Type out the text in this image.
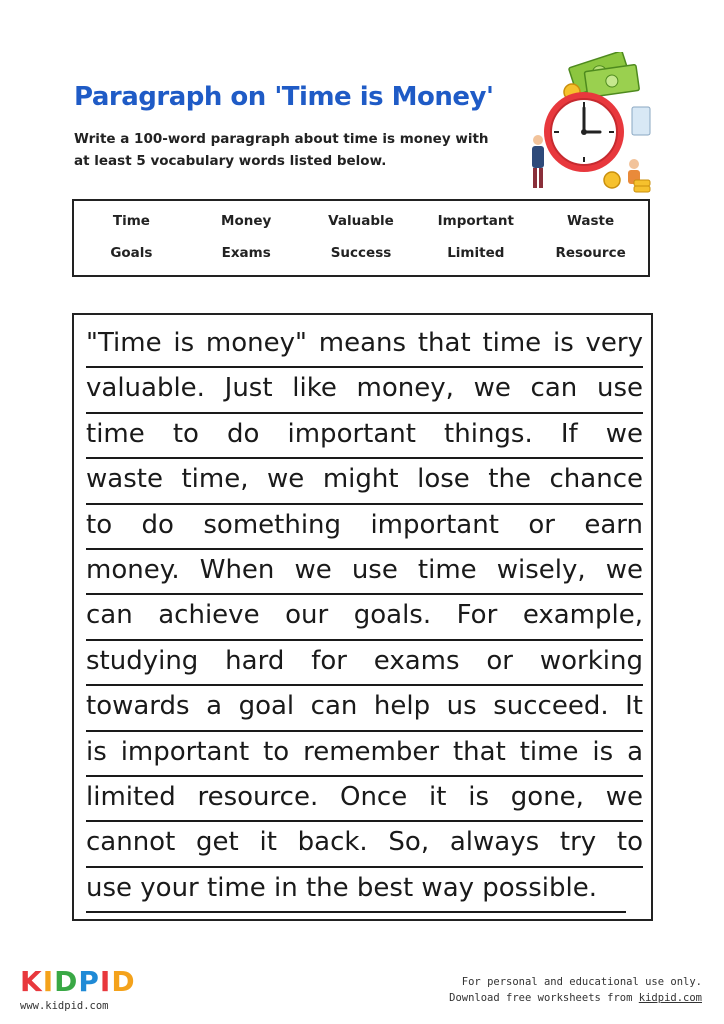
Paragraph on 'Time is Money'
Write a 100-word paragraph about time is money with at least 5 vocabulary words listed below.
Time	Money	Valuable	Important	Waste
Goals	Exams	Success	Limited	Resource
"Time is money" means that time is very
valuable. Just like money, we can use
time to do important things. If we
waste time, we might lose the chance
to do something important or earn
money. When we use time wisely, we
can achieve our goals. For example,
studying hard for exams or working
towards a goal can help us succeed. It
is important to remember that time is a
limited resource. Once it is gone, we
cannot get it back. So, always try to
use your time in the best way possible.
KIDPID
www.kidpid.com
For personal and educational use only.
Download free worksheets from kidpid.com
